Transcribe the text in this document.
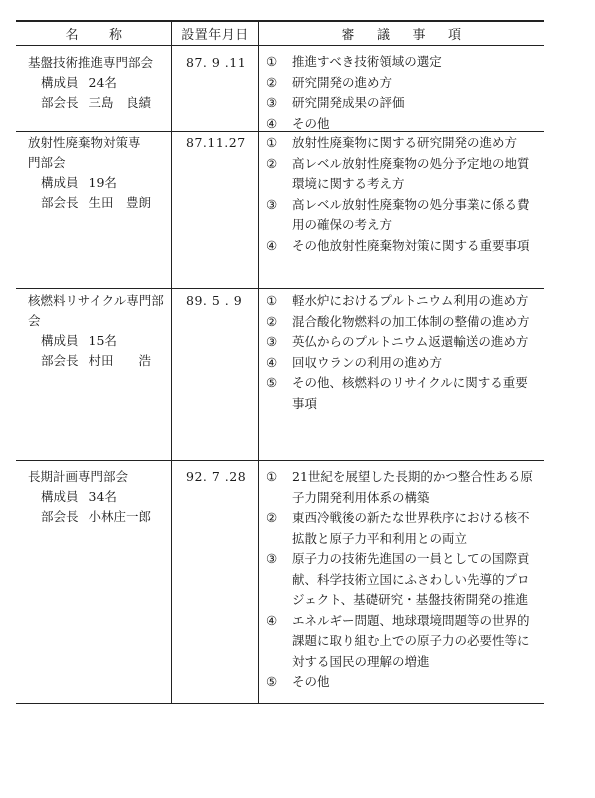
名 称	設置年月日	審 議 事 項
基盤技術推進専門部会
構成員 24名
部会長 三島　良績
87. 9 .11	①	推進すべき技術領域の選定
②	研究開発の進め方
③	研究開発成果の評価
④	その他
放射性廃棄物対策専門部会
構成員 19名
部会長 生田　豊朗
87.11.27	①	放射性廃棄物に関する研究開発の進め方
②	高レベル放射性廃棄物の処分予定地の地質環境に関する考え方
③	高レベル放射性廃棄物の処分事業に係る費用の確保の考え方
④	その他放射性廃棄物対策に関する重要事項
核燃料リサイクル専門部会
構成員 15名
部会長 村田　　浩
89. 5 . 9	①	軽水炉におけるプルトニウム利用の進め方
②	混合酸化物燃料の加工体制の整備の進め方
③	英仏からのプルトニウム返還輸送の進め方
④	回収ウランの利用の進め方
⑤	その他、核燃料のリサイクルに関する重要事項
長期計画専門部会
構成員 34名
部会長 小林庄一郎
92. 7 .28	①	21世紀を展望した長期的かつ整合性ある原子力開発利用体系の構築
②	東西冷戦後の新たな世界秩序における核不拡散と原子力平和利用との両立
③	原子力の技術先進国の一員としての国際貢献、科学技術立国にふさわしい先導的プロジェクト、基礎研究・基盤技術開発の推進
④	エネルギー問題、地球環境問題等の世界的課題に取り組む上での原子力の必要性等に対する国民の理解の増進
⑤	その他
